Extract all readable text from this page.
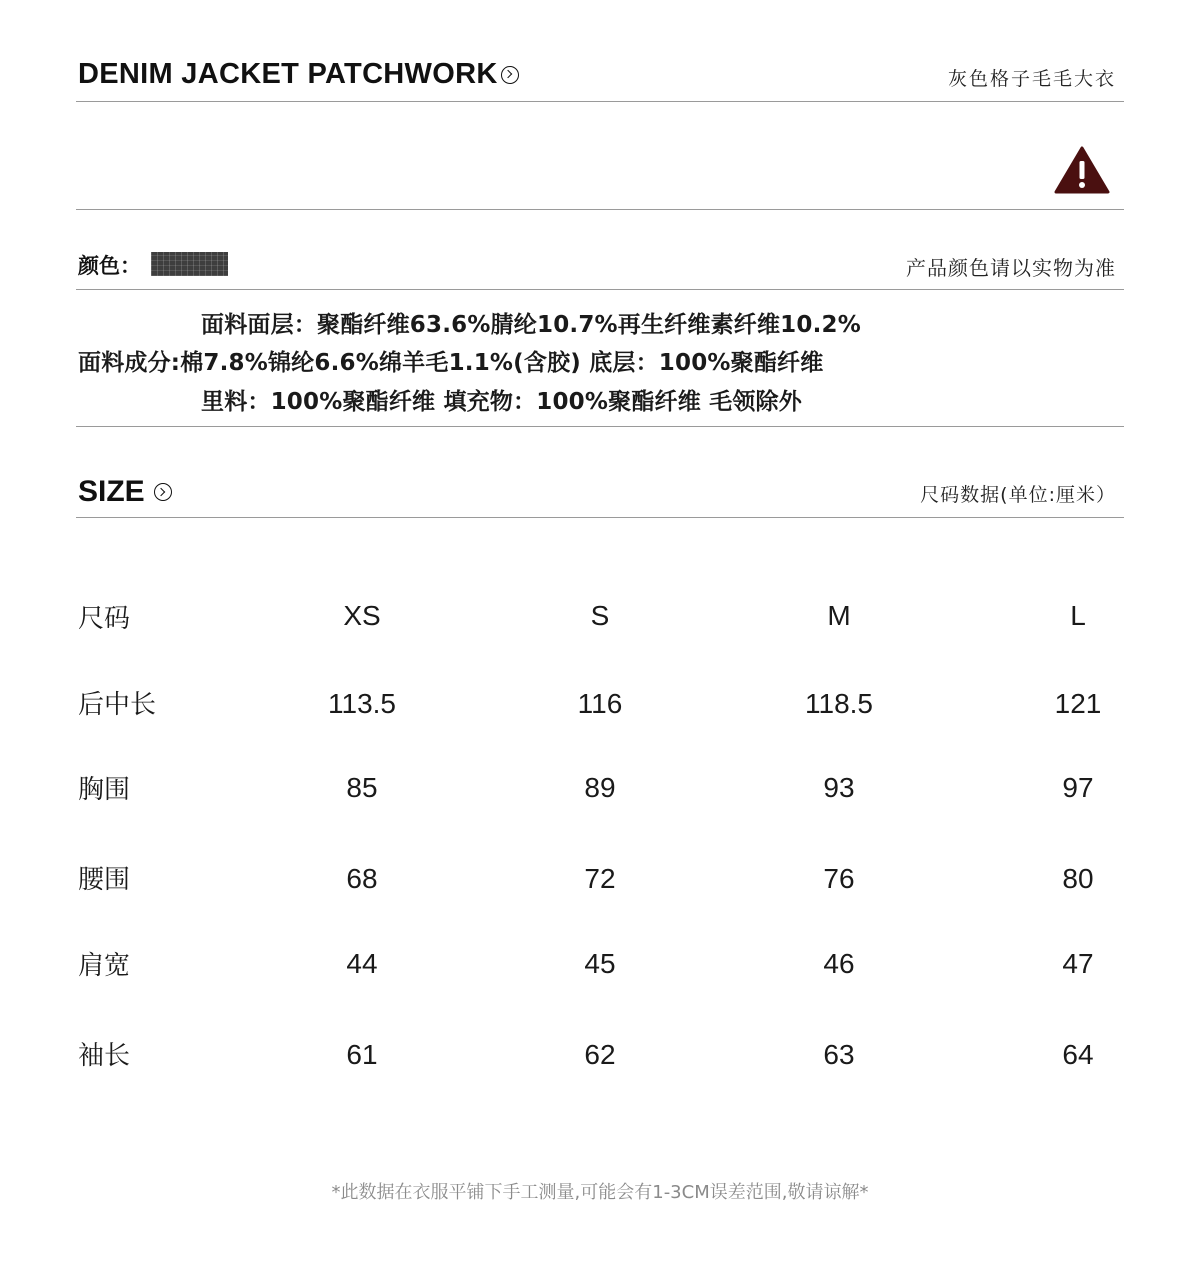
DENIM JACKET PATCHWORK	灰色格子毛毛大衣
颜色：	产品颜色请以实物为准
面料面层：聚酯纤维63.6%腈纶10.7%再生纤维素纤维10.2%
面料成分:棉7.8%锦纶6.6%绵羊毛1.1%(含胶) 底层：100%聚酯纤维
里料：100%聚酯纤维 填充物：100%聚酯纤维 毛领除外
SIZE	尺码数据(单位:厘米）
尺码	XS	S	M	L
后中长	113.5	116	118.5	121
胸围	85	89	93	97
腰围	68	72	76	80
肩宽	44	45	46	47
袖长	61	62	63	64
*此数据在衣服平铺下手工测量,可能会有1-3CM误差范围,敬请谅解*
